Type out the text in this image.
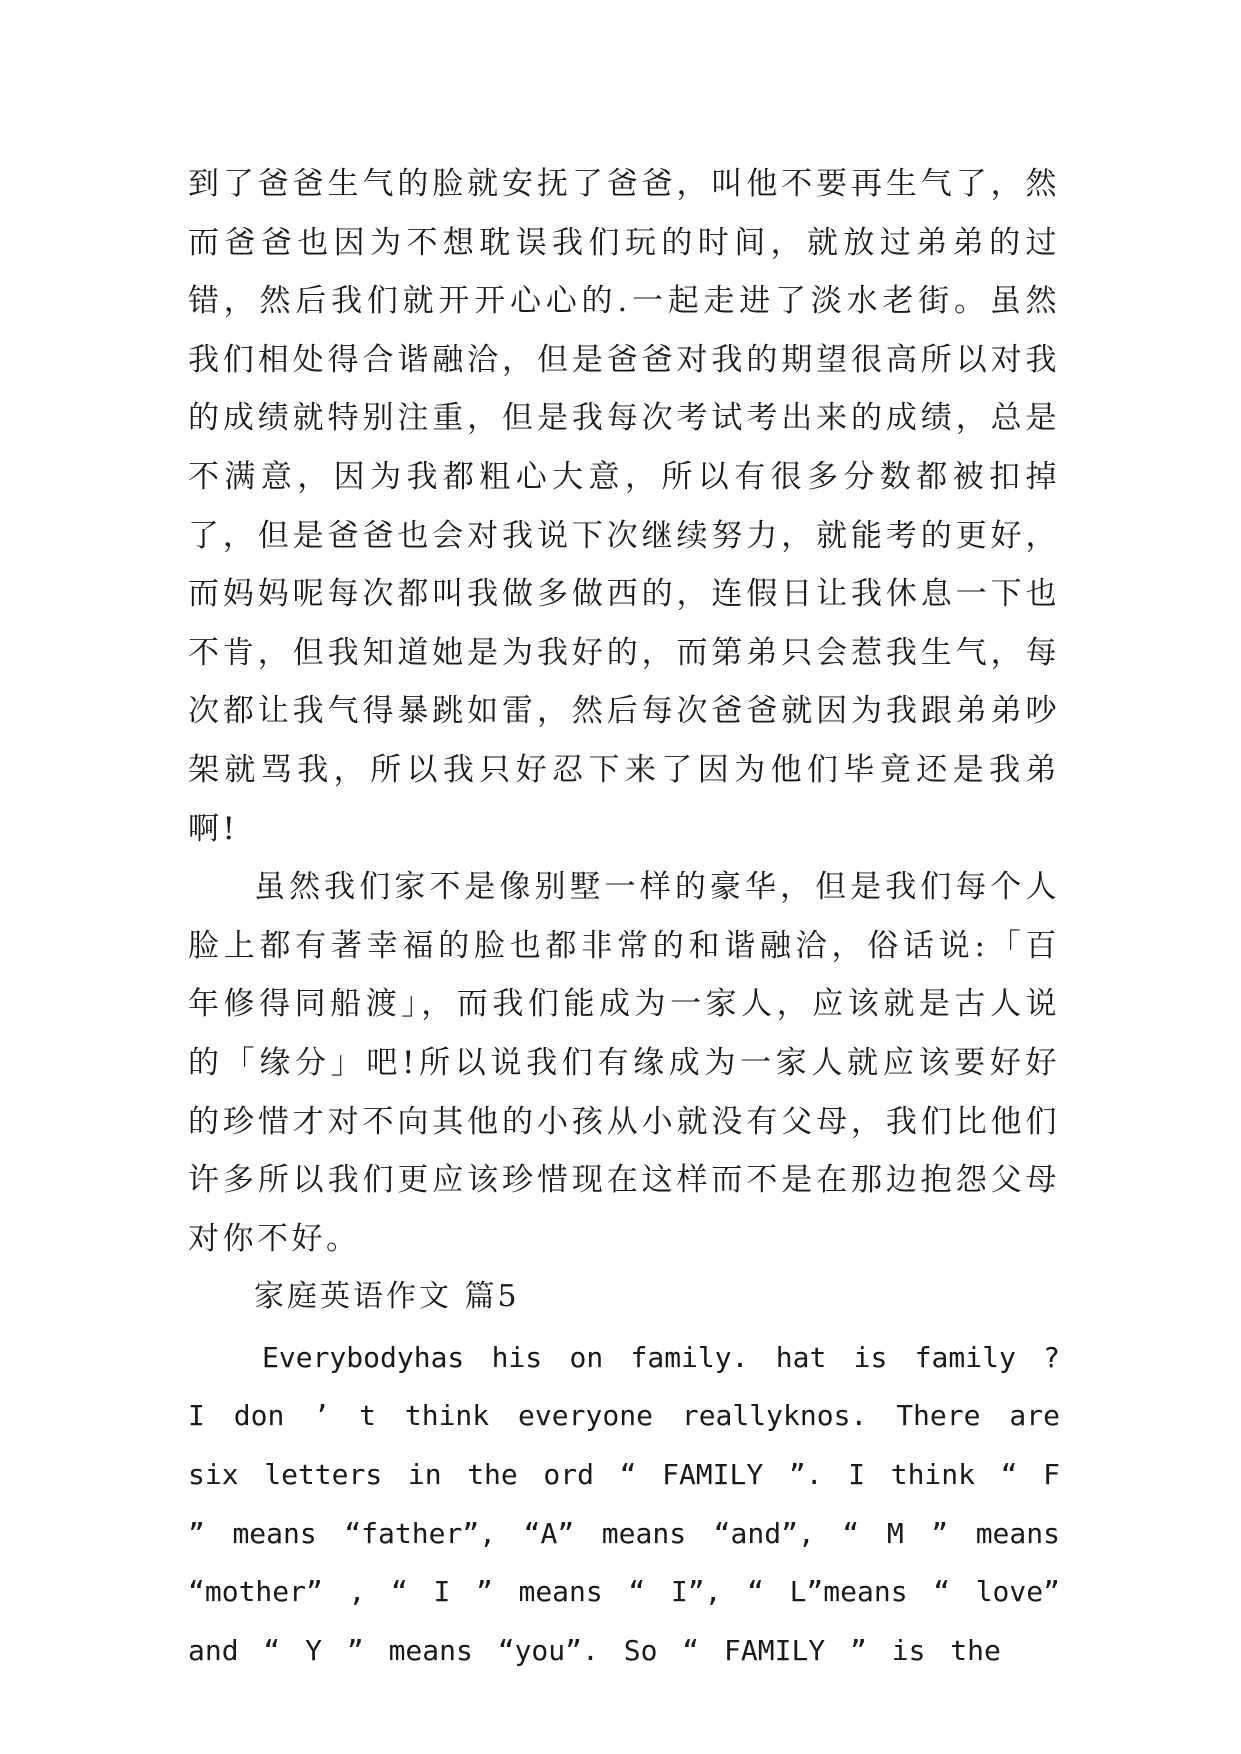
到了爸爸生气的脸就安抚了爸爸，叫他不要再生气了，然而爸爸也因为不想耽误我们玩的时间，就放过弟弟的过错，然后我们就开开心心的.一起走进了淡水老街。虽然我们相处得合谐融洽，但是爸爸对我的期望很高所以对我的成绩就特别注重，但是我每次考试考出来的成绩，总是不满意，因为我都粗心大意，所以有很多分数都被扣掉了，但是爸爸也会对我说下次继续努力，就能考的更好，而妈妈呢每次都叫我做多做西的，连假日让我休息一下也不肯，但我知道她是为我好的，而第弟只会惹我生气，每次都让我气得暴跳如雷，然后每次爸爸就因为我跟弟弟吵架就骂我，所以我只好忍下来了因为他们毕竟还是我弟啊!

虽然我们家不是像别墅一样的豪华，但是我们每个人脸上都有著幸福的脸也都非常的和谐融洽，俗话说:「百年修得同船渡」，而我们能成为一家人，应该就是古人说的「缘分」吧!所以说我们有缘成为一家人就应该要好好的珍惜才对不向其他的小孩从小就没有父母，我们比他们许多所以我们更应该珍惜现在这样而不是在那边抱怨父母对你不好。

家庭英语作文 篇5

Everybodyhas his on family. hat is family ? I don ’ t think everyone reallyknos. There are six letters in the ord “ FAMILY ”. I think “ F ” means “father”, “A” means “and”, “ M ” means “mother” , “ I ” means “ I”, “ L”means “ love” and “ Y ” means “you”. So “ FAMILY ” is the
